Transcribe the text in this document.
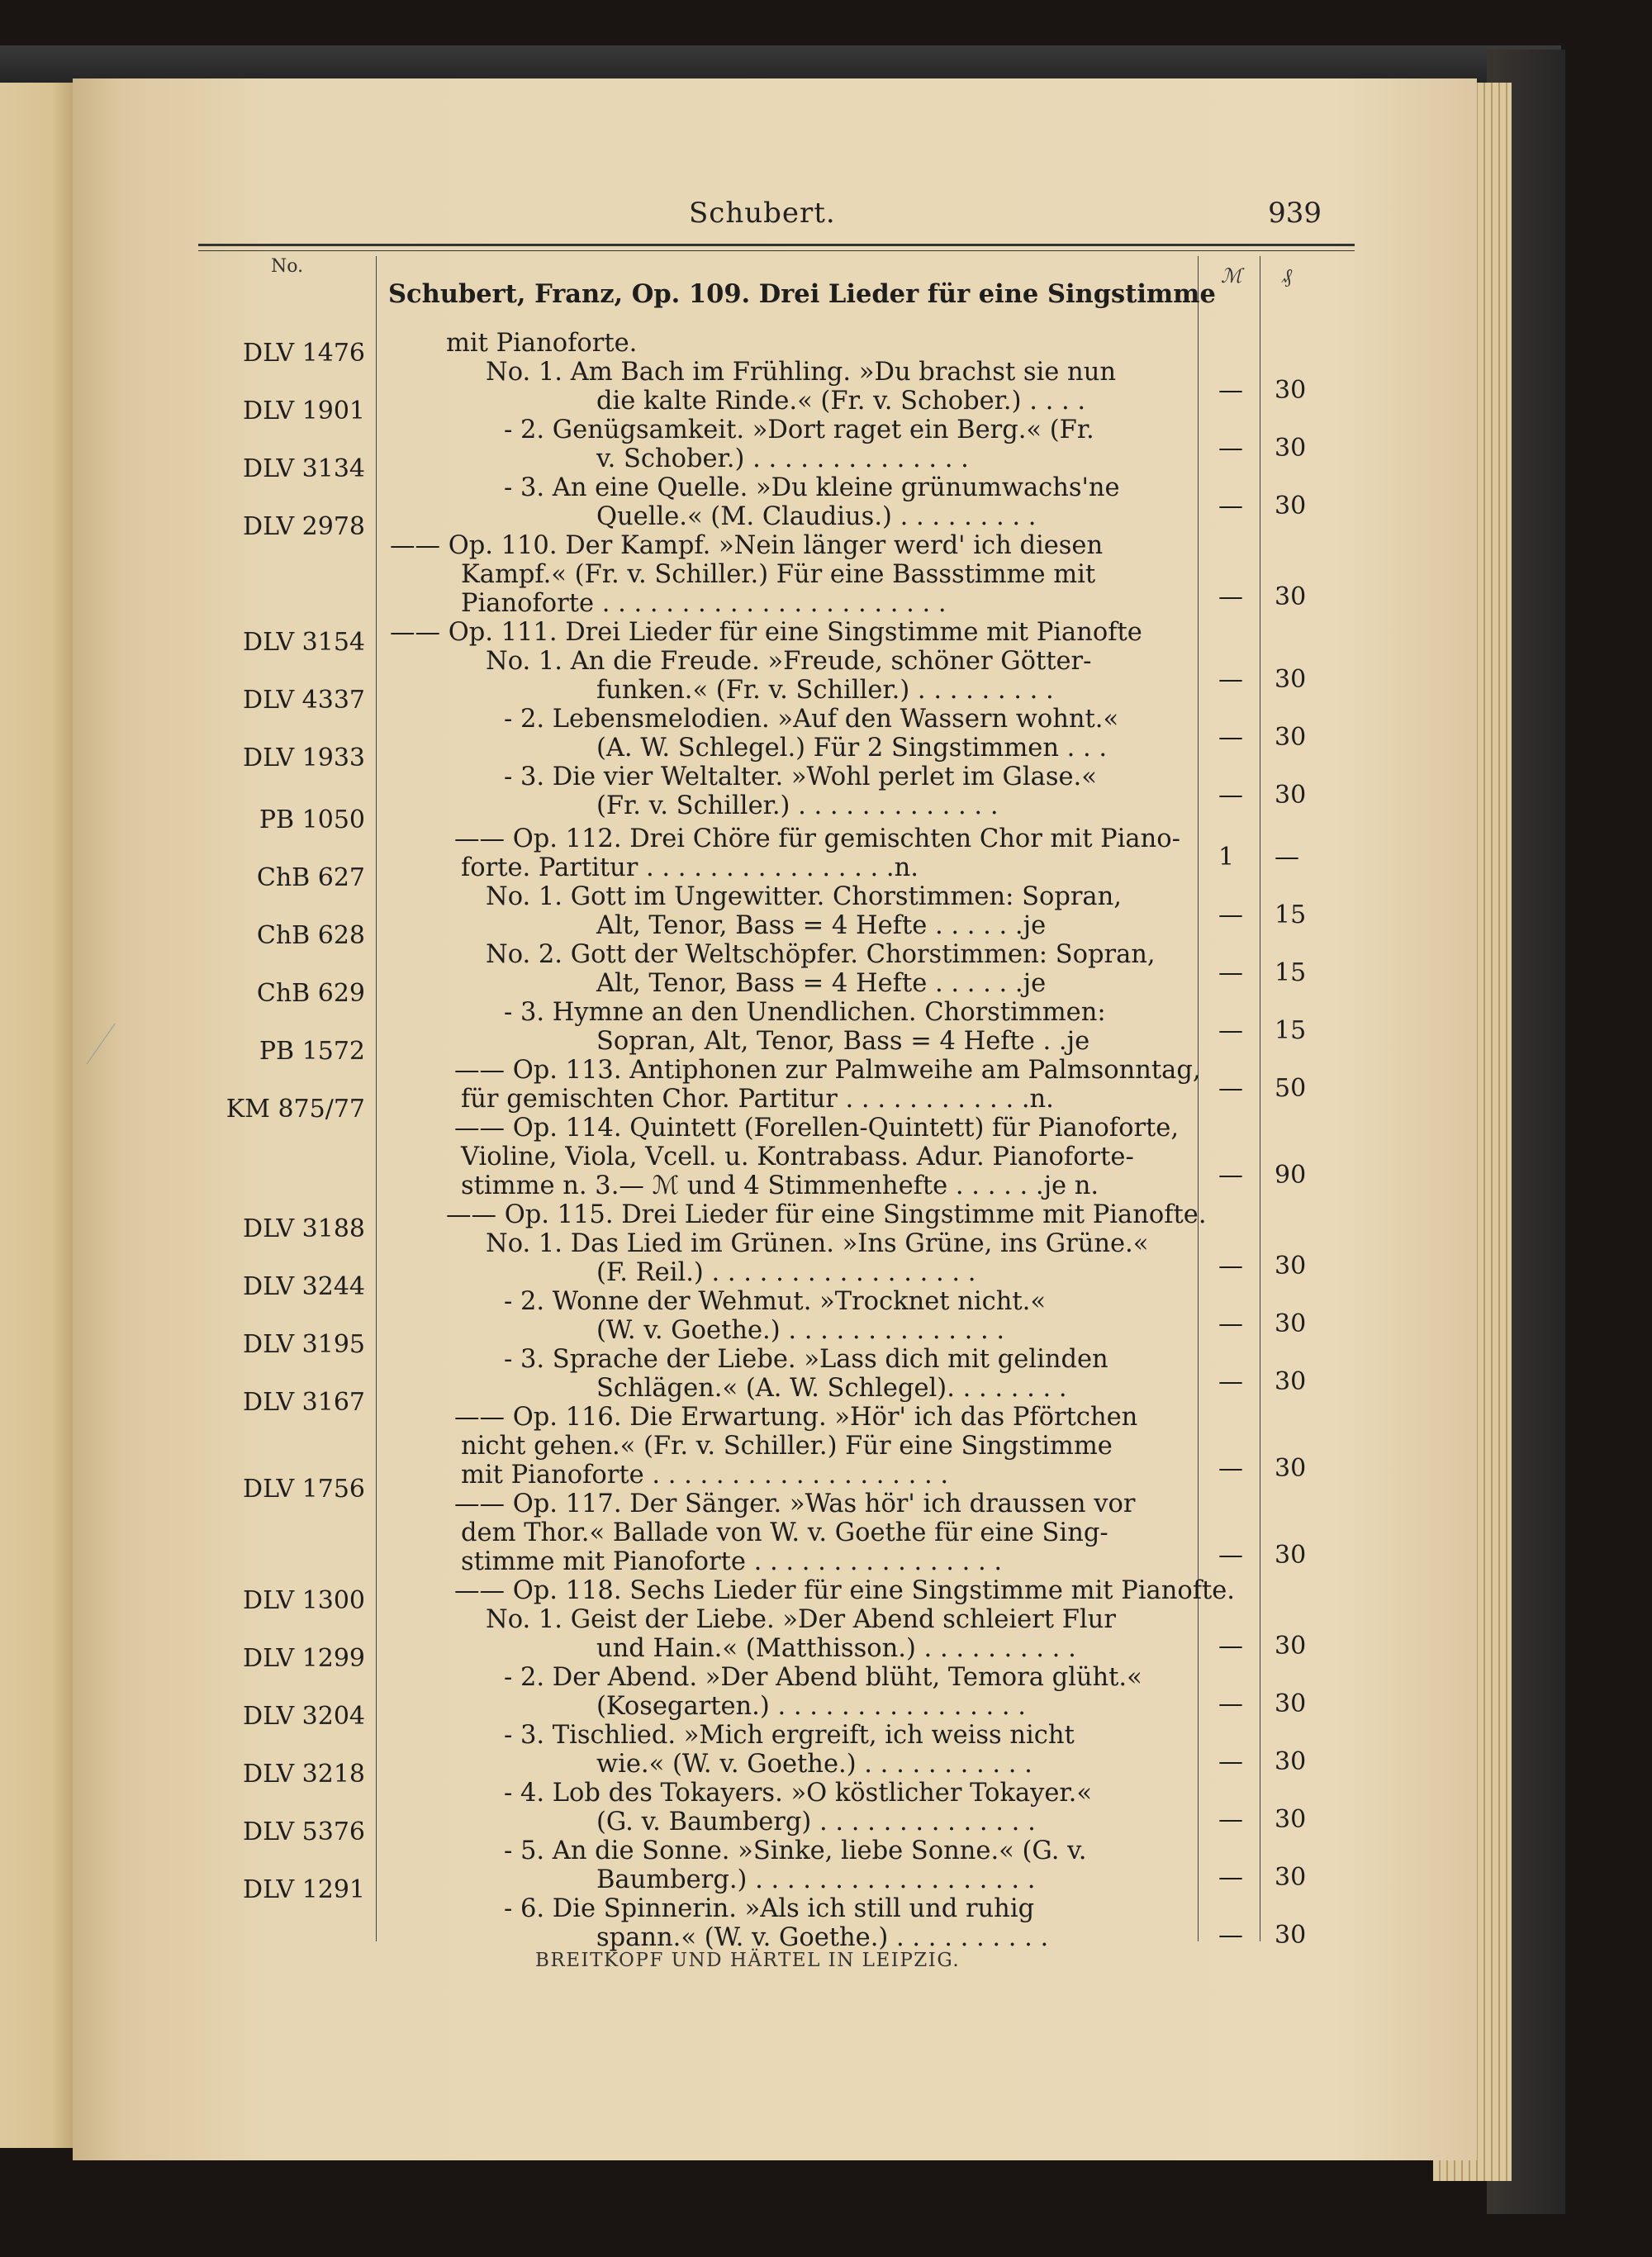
Schubert.	939
No.	ℳ ₰
Schubert, Franz, Op. 109. Drei Lieder für eine Singstimme
mit Pianoforte.
No. 1. Am Bach im Frühling. »Du brachst sie nun
die kalte Rinde.« (Fr. v. Schober.) . . . .
- 2. Genügsamkeit. »Dort raget ein Berg.« (Fr.
v. Schober.) . . . . . . . . . . . . . .
- 3. An eine Quelle. »Du kleine grünumwachs'ne
Quelle.« (M. Claudius.) . . . . . . . . .
—— Op. 110. Der Kampf. »Nein länger werd' ich diesen
Kampf.« (Fr. v. Schiller.) Für eine Bassstimme mit
Pianoforte . . . . . . . . . . . . . . . . . . . . . .
—— Op. 111. Drei Lieder für eine Singstimme mit Pianofte
No. 1. An die Freude. »Freude, schöner Götter-
funken.« (Fr. v. Schiller.) . . . . . . . . .
- 2. Lebensmelodien. »Auf den Wassern wohnt.«
(A. W. Schlegel.) Für 2 Singstimmen . . .
- 3. Die vier Weltalter. »Wohl perlet im Glase.«
(Fr. v. Schiller.) . . . . . . . . . . . . .
—— Op. 112. Drei Chöre für gemischten Chor mit Piano-
forte. Partitur . . . . . . . . . . . . . . . .n.
No. 1. Gott im Ungewitter. Chorstimmen: Sopran,
Alt, Tenor, Bass = 4 Hefte . . . . . .je
No. 2. Gott der Weltschöpfer. Chorstimmen: Sopran,
Alt, Tenor, Bass = 4 Hefte . . . . . .je
- 3. Hymne an den Unendlichen. Chorstimmen:
Sopran, Alt, Tenor, Bass = 4 Hefte . .je
—— Op. 113. Antiphonen zur Palmweihe am Palmsonntag,
für gemischten Chor. Partitur . . . . . . . . . . . .n.
—— Op. 114. Quintett (Forellen-Quintett) für Pianoforte,
Violine, Viola, Vcell. u. Kontrabass. Adur. Pianoforte-
stimme n. 3.— ℳ und 4 Stimmenhefte . . . . . .je n.
—— Op. 115. Drei Lieder für eine Singstimme mit Pianofte.
No. 1. Das Lied im Grünen. »Ins Grüne, ins Grüne.«
(F. Reil.) . . . . . . . . . . . . . . . . .
- 2. Wonne der Wehmut. »Trocknet nicht.«
(W. v. Goethe.) . . . . . . . . . . . . . .
- 3. Sprache der Liebe. »Lass dich mit gelinden
Schlägen.« (A. W. Schlegel). . . . . . . .
—— Op. 116. Die Erwartung. »Hör' ich das Pförtchen
nicht gehen.« (Fr. v. Schiller.) Für eine Singstimme
mit Pianoforte . . . . . . . . . . . . . . . . . . .
—— Op. 117. Der Sänger. »Was hör' ich draussen vor
dem Thor.« Ballade von W. v. Goethe für eine Sing-
stimme mit Pianoforte . . . . . . . . . . . . . . . .
—— Op. 118. Sechs Lieder für eine Singstimme mit Pianofte.
No. 1. Geist der Liebe. »Der Abend schleiert Flur
und Hain.« (Matthisson.) . . . . . . . . . .
- 2. Der Abend. »Der Abend blüht, Temora glüht.«
(Kosegarten.) . . . . . . . . . . . . . . . .
- 3. Tischlied. »Mich ergreift, ich weiss nicht
wie.« (W. v. Goethe.) . . . . . . . . . . .
- 4. Lob des Tokayers. »O köstlicher Tokayer.«
(G. v. Baumberg) . . . . . . . . . . . . . .
- 5. An die Sonne. »Sinke, liebe Sonne.« (G. v.
Baumberg.) . . . . . . . . . . . . . . . . . .
- 6. Die Spinnerin. »Als ich still und ruhig
spann.« (W. v. Goethe.) . . . . . . . . . .
DLV 1476
DLV 1901
DLV 3134
DLV 2978
DLV 3154
DLV 4337
DLV 1933
PB 1050
ChB 627
ChB 628
ChB 629
PB 1572
KM 875/77
DLV 3188
DLV 3244
DLV 3195
DLV 3167
DLV 1756
DLV 1300
DLV 1299
DLV 3204
DLV 3218
DLV 5376
DLV 1291
— 30
— 30
— 30
— 30
— 30
— 30
— 30
1 —
— 15
— 15
— 15
— 50
— 90
— 30
— 30
— 30
— 30
— 30
— 30
— 30
— 30
— 30
— 30
— 30
BREITKOPF UND HÄRTEL IN LEIPZIG.
